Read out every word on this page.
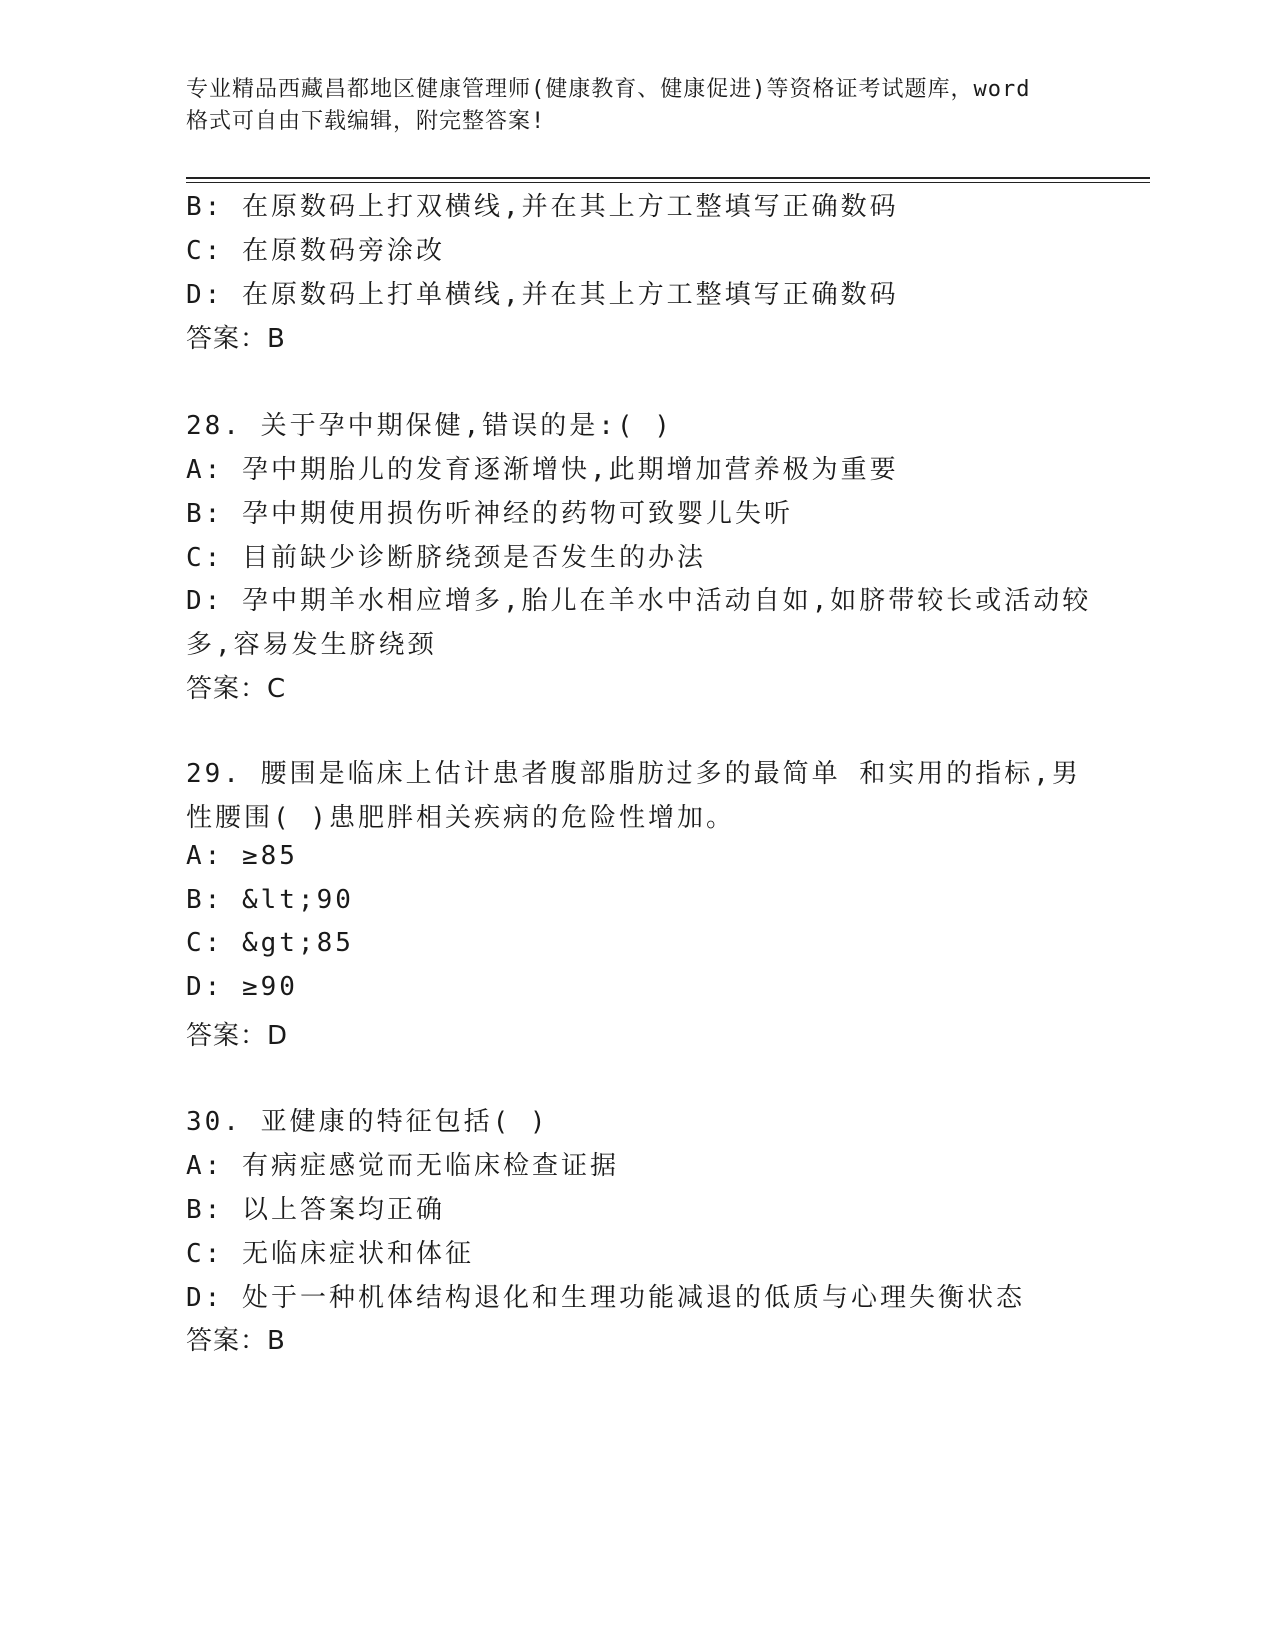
专业精品西藏昌都地区健康管理师(健康教育、健康促进)等资格证考试题库，word
格式可自由下载编辑，附完整答案!
B: 在原数码上打双横线,并在其上方工整填写正确数码
C: 在原数码旁涂改
D: 在原数码上打单横线,并在其上方工整填写正确数码
答案：B
28. 关于孕中期保健,错误的是:( )
A: 孕中期胎儿的发育逐渐增快,此期增加营养极为重要
B: 孕中期使用损伤听神经的药物可致婴儿失听
C: 目前缺少诊断脐绕颈是否发生的办法
D: 孕中期羊水相应增多,胎儿在羊水中活动自如,如脐带较长或活动较
多,容易发生脐绕颈
答案：C
29. 腰围是临床上估计患者腹部脂肪过多的最简单 和实用的指标,男
性腰围( )患肥胖相关疾病的危险性增加。
A: ≥85
B: &lt;90
C: &gt;85
D: ≥90
答案：D
30. 亚健康的特征包括( )
A: 有病症感觉而无临床检查证据
B: 以上答案均正确
C: 无临床症状和体征
D: 处于一种机体结构退化和生理功能减退的低质与心理失衡状态
答案：B
